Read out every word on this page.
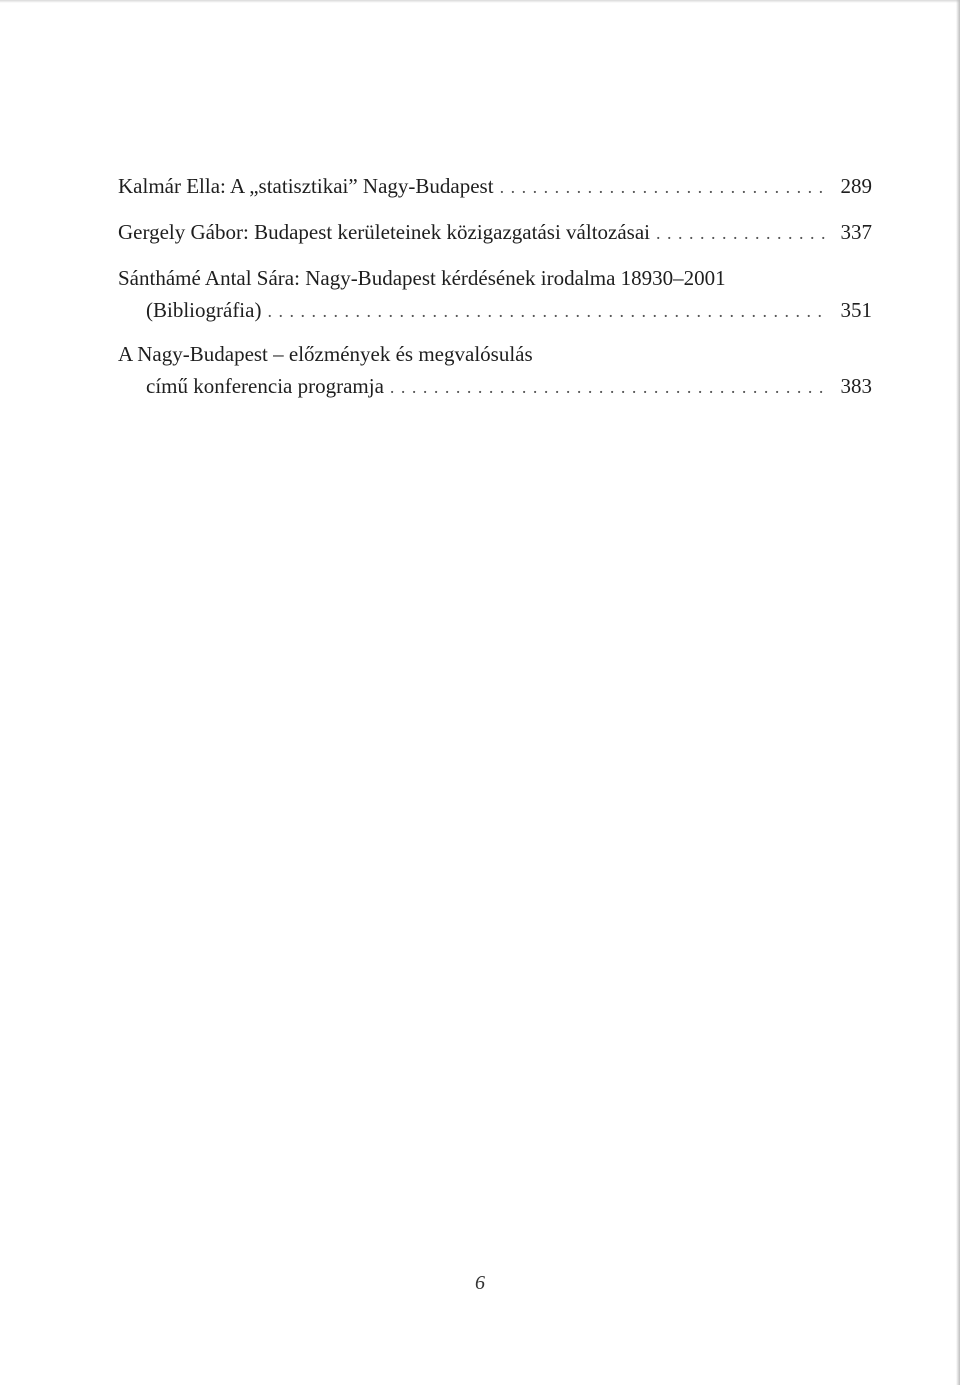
Kalmár Ella: A „statisztikai” Nagy-Budapest . . .	289
Gergely Gábor: Budapest kerületeinek közigazgatási változásai . . .	337
Sánthámé Antal Sára: Nagy-Budapest kérdésének irodalma 18930–2001
(Bibliográfia) . . .	351
A Nagy-Budapest – előzmények és megvalósulás
című konferencia programja . . .	383
6
